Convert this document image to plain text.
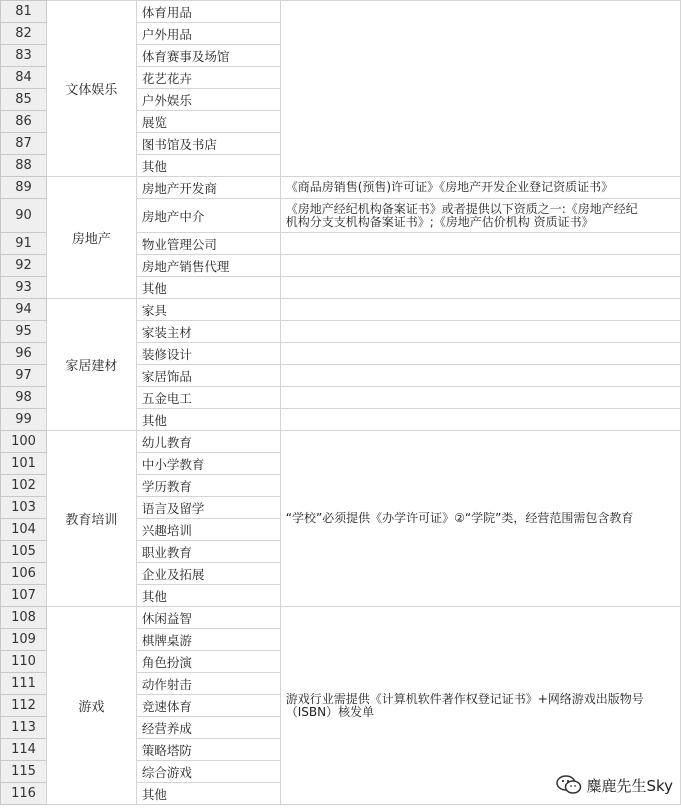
81	文体娱乐	体育用品	
82		户外用品	
83		体育赛事及场馆	
84		花艺花卉	
85		户外娱乐	
86		展览	
87		图书馆及书店	
88		其他	
89	房地产	房地产开发商	《商品房销售(预售)许可证》《房地产开发企业登记资质证书》

90		房地产中介	《房地产经纪机构备案证书》或者提供以下资质之一:《房地产经纪
机构分支支机构备案证书》;《房地产估价机构 资质证书》

91		物业管理公司	
92		房地产销售代理	
93		其他	
94	家居建材	家具	
95		家装主材	
96		装修设计	
97		家居饰品	
98		五金电工	
99		其他	
100	教育培训	幼儿教育	“学校”必须提供《办学许可证》②“学院”类，经营范围需包含教育

101		中小学教育	
102		学历教育	
103		语言及留学	
104		兴趣培训	
105		职业教育	
106		企业及拓展	
107		其他	
108	游戏	休闲益智	游戏行业需提供《计算机软件著作权登记证书》+网络游戏出版物号
（ISBN）核发单

109		棋牌桌游	
110		角色扮演	
111		动作射击	
112		竞速体育	
113		经营养成	
114		策略塔防	
115		综合游戏	
116		其他		麋鹿先生Sky
